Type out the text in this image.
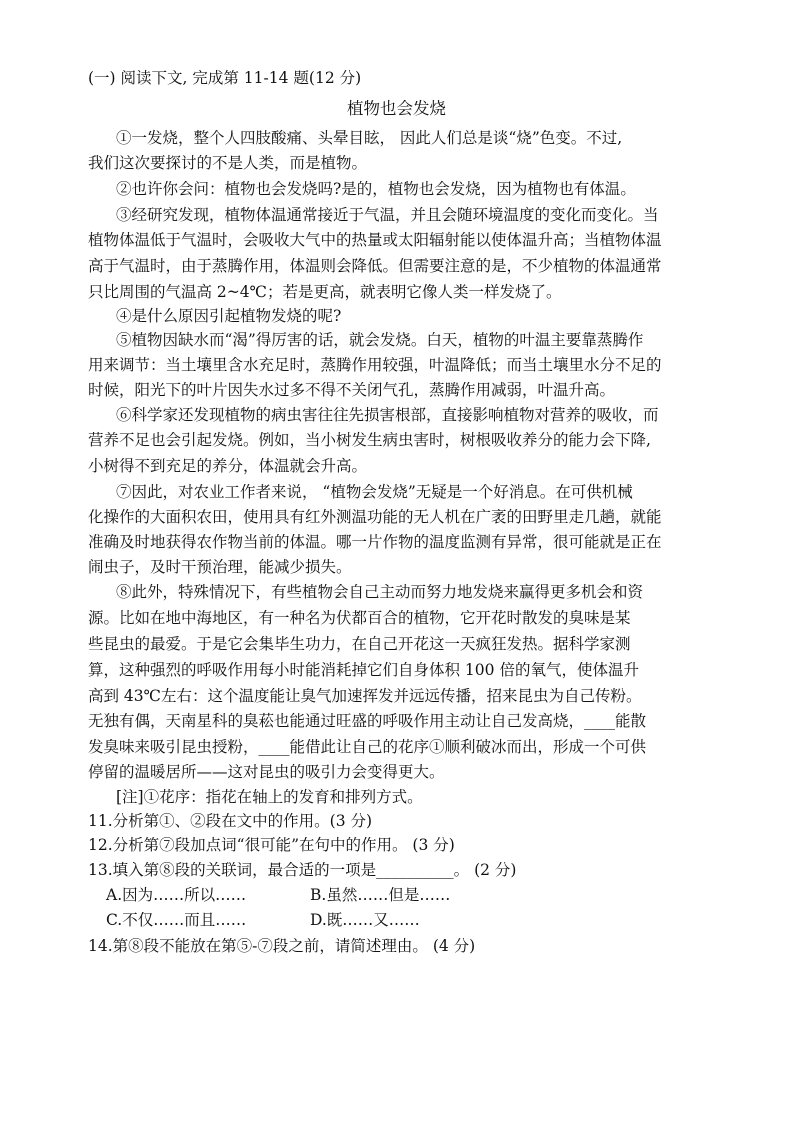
(一) 阅读下文, 完成第 11-14 题(12 分)
植物也会发烧
①一发烧，整个人四肢酸痛、头晕目眩， 因此人们总是谈“烧”色变。不过,
我们这次要探讨的不是人类，而是植物。
②也许你会问：植物也会发烧吗?是的，植物也会发烧，因为植物也有体温。
③经研究发现，植物体温通常接近于气温，并且会随环境温度的变化而变化。当
植物体温低于气温时，会吸收大气中的热量或太阳辐射能以使体温升高；当植物体温
高于气温时，由于蒸腾作用，体温则会降低。但需要注意的是，不少植物的体温通常
只比周围的气温高 2~4℃；若是更高，就表明它像人类一样发烧了。
④是什么原因引起植物发烧的呢?
⑤植物因缺水而“渴”得厉害的话，就会发烧。白天，植物的叶温主要靠蒸腾作
用来调节：当土壤里含水充足时，蒸腾作用较强，叶温降低；而当土壤里水分不足的
时候，阳光下的叶片因失水过多不得不关闭气孔，蒸腾作用减弱，叶温升高。
⑥科学家还发现植物的病虫害往往先损害根部，直接影响植物对营养的吸收，而
营养不足也会引起发烧。例如，当小树发生病虫害时，树根吸收养分的能力会下降,
小树得不到充足的养分，体温就会升高。
⑦因此，对农业工作者来说， “植物会发烧”无疑是一个好消息。在可供机械
化操作的大面积农田，使用具有红外测温功能的无人机在广袤的田野里走几趟，就能
准确及时地获得农作物当前的体温。哪一片作物的温度监测有异常，很可能就是正在
闹虫子，及时干预治理，能减少损失。
⑧此外，特殊情况下，有些植物会自己主动而努力地发烧来赢得更多机会和资
源。比如在地中海地区，有一种名为伏都百合的植物，它开花时散发的臭味是某
些昆虫的最爱。于是它会集毕生功力，在自己开花这一天疯狂发热。据科学家测
算，这种强烈的呼吸作用每小时能消耗掉它们自身体积 100 倍的氧气，使体温升
高到 43℃左右：这个温度能让臭气加速挥发并远远传播，招来昆虫为自己传粉。
无独有偶，天南星科的臭菘也能通过旺盛的呼吸作用主动让自己发高烧，____能散
发臭味来吸引昆虫授粉，____能借此让自己的花序①顺利破冰而出，形成一个可供
停留的温暖居所——这对昆虫的吸引力会变得更大。
[注]①花序：指花在轴上的发育和排列方式。
11.分析第①、②段在文中的作用。(3 分)
12.分析第⑦段加点词“很可能”在句中的作用。 (3 分)
13.填入第⑧段的关联词，最合适的一项是__________。 (2 分)
A.因为……所以……	B.虽然……但是……
C.不仅……而且……	D.既……又……
14.第⑧段不能放在第⑤-⑦段之前，请简述理由。 (4 分)
